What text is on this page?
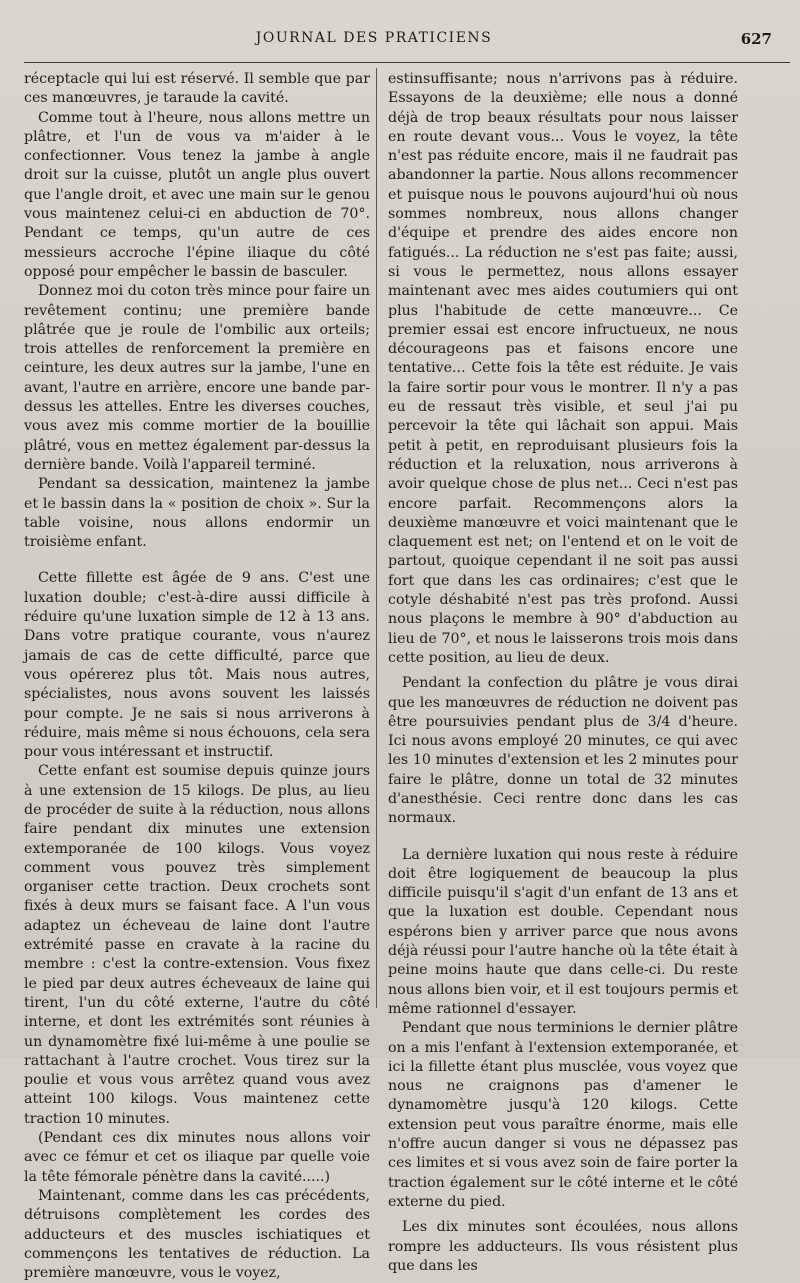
JOURNAL DES PRATICIENS	627

réceptacle qui lui est réservé. Il semble que par ces manœuvres, je taraude la cavité.

Comme tout à l'heure, nous allons mettre un plâtre, et l'un de vous va m'aider à le confectionner. Vous tenez la jambe à angle droit sur la cuisse, plutôt un angle plus ouvert que l'angle droit, et avec une main sur le genou vous maintenez celui-ci en abduction de 70°. Pendant ce temps, qu'un autre de ces messieurs accroche l'épine iliaque du côté opposé pour empêcher le bassin de basculer.

Donnez moi du coton très mince pour faire un revêtement continu; une première bande plâtrée que je roule de l'ombilic aux orteils; trois attelles de renforcement la première en ceinture, les deux autres sur la jambe, l'une en avant, l'autre en arrière, encore une bande par-dessus les attelles. Entre les diverses couches, vous avez mis comme mortier de la bouillie plâtré, vous en mettez également par-dessus la dernière bande. Voilà l'appareil terminé.

Pendant sa dessication, maintenez la jambe et le bassin dans la « position de choix ». Sur la table voisine, nous allons endormir un troisième enfant.

Cette fillette est âgée de 9 ans. C'est une luxation double; c'est-à-dire aussi difficile à réduire qu'une luxation simple de 12 à 13 ans. Dans votre pratique courante, vous n'aurez jamais de cas de cette difficulté, parce que vous opérerez plus tôt. Mais nous autres, spécialistes, nous avons souvent les laissés pour compte. Je ne sais si nous arriverons à réduire, mais même si nous échouons, cela sera pour vous intéressant et instructif.

Cette enfant est soumise depuis quinze jours à une extension de 15 kilogs. De plus, au lieu de procéder de suite à la réduction, nous allons faire pendant dix minutes une extension extemporanée de 100 kilogs. Vous voyez comment vous pouvez très simplement organiser cette traction. Deux crochets sont fixés à deux murs se faisant face. A l'un vous adaptez un écheveau de laine dont l'autre extrémité passe en cravate à la racine du membre : c'est la contre-extension. Vous fixez le pied par deux autres écheveaux de laine qui tirent, l'un du côté externe, l'autre du côté interne, et dont les extrémités sont réunies à un dynamomètre fixé lui-même à une poulie se rattachant à l'autre crochet. Vous tirez sur la poulie et vous vous arrêtez quand vous avez atteint 100 kilogs. Vous maintenez cette traction 10 minutes.

(Pendant ces dix minutes nous allons voir avec ce fémur et cet os iliaque par quelle voie la tête fémorale pénètre dans la cavité.....)

Maintenant, comme dans les cas précédents, détruisons complètement les cordes des adducteurs et des muscles ischiatiques et commençons les tentatives de réduction. La première manœuvre, vous le voyez,

estinsuffisante; nous n'arrivons pas à réduire. Essayons de la deuxième; elle nous a donné déjà de trop beaux résultats pour nous laisser en route devant vous... Vous le voyez, la tête n'est pas réduite encore, mais il ne faudrait pas abandonner la partie. Nous allons recommencer et puisque nous le pouvons aujourd'hui où nous sommes nombreux, nous allons changer d'équipe et prendre des aides encore non fatigués... La réduction ne s'est pas faite; aussi, si vous le permettez, nous allons essayer maintenant avec mes aides coutumiers qui ont plus l'habitude de cette manœuvre... Ce premier essai est encore infructueux, ne nous décourageons pas et faisons encore une tentative... Cette fois la tête est réduite. Je vais la faire sortir pour vous le montrer. Il n'y a pas eu de ressaut très visible, et seul j'ai pu percevoir la tête qui lâchait son appui. Mais petit à petit, en reproduisant plusieurs fois la réduction et la reluxation, nous arriverons à avoir quelque chose de plus net... Ceci n'est pas encore parfait. Recommençons alors la deuxième manœuvre et voici maintenant que le claquement est net; on l'entend et on le voit de partout, quoique cependant il ne soit pas aussi fort que dans les cas ordinaires; c'est que le cotyle déshabité n'est pas très profond. Aussi nous plaçons le membre à 90° d'abduction au lieu de 70°, et nous le laisserons trois mois dans cette position, au lieu de deux.

Pendant la confection du plâtre je vous dirai que les manœuvres de réduction ne doivent pas être poursuivies pendant plus de 3/4 d'heure. Ici nous avons employé 20 minutes, ce qui avec les 10 minutes d'extension et les 2 minutes pour faire le plâtre, donne un total de 32 minutes d'anesthésie. Ceci rentre donc dans les cas normaux.

La dernière luxation qui nous reste à réduire doit être logiquement de beaucoup la plus difficile puisqu'il s'agit d'un enfant de 13 ans et que la luxation est double. Cependant nous espérons bien y arriver parce que nous avons déjà réussi pour l'autre hanche où la tête était à peine moins haute que dans celle-ci. Du reste nous allons bien voir, et il est toujours permis et même rationnel d'essayer.

Pendant que nous terminions le dernier plâtre on a mis l'enfant à l'extension extemporanée, et ici la fillette étant plus musclée, vous voyez que nous ne craignons pas d'amener le dynamomètre jusqu'à 120 kilogs. Cette extension peut vous paraître énorme, mais elle n'offre aucun danger si vous ne dépassez pas ces limites et si vous avez soin de faire porter la traction également sur le côté interne et le côté externe du pied.

Les dix minutes sont écoulées, nous allons rompre les adducteurs. Ils vous résistent plus que dans les
